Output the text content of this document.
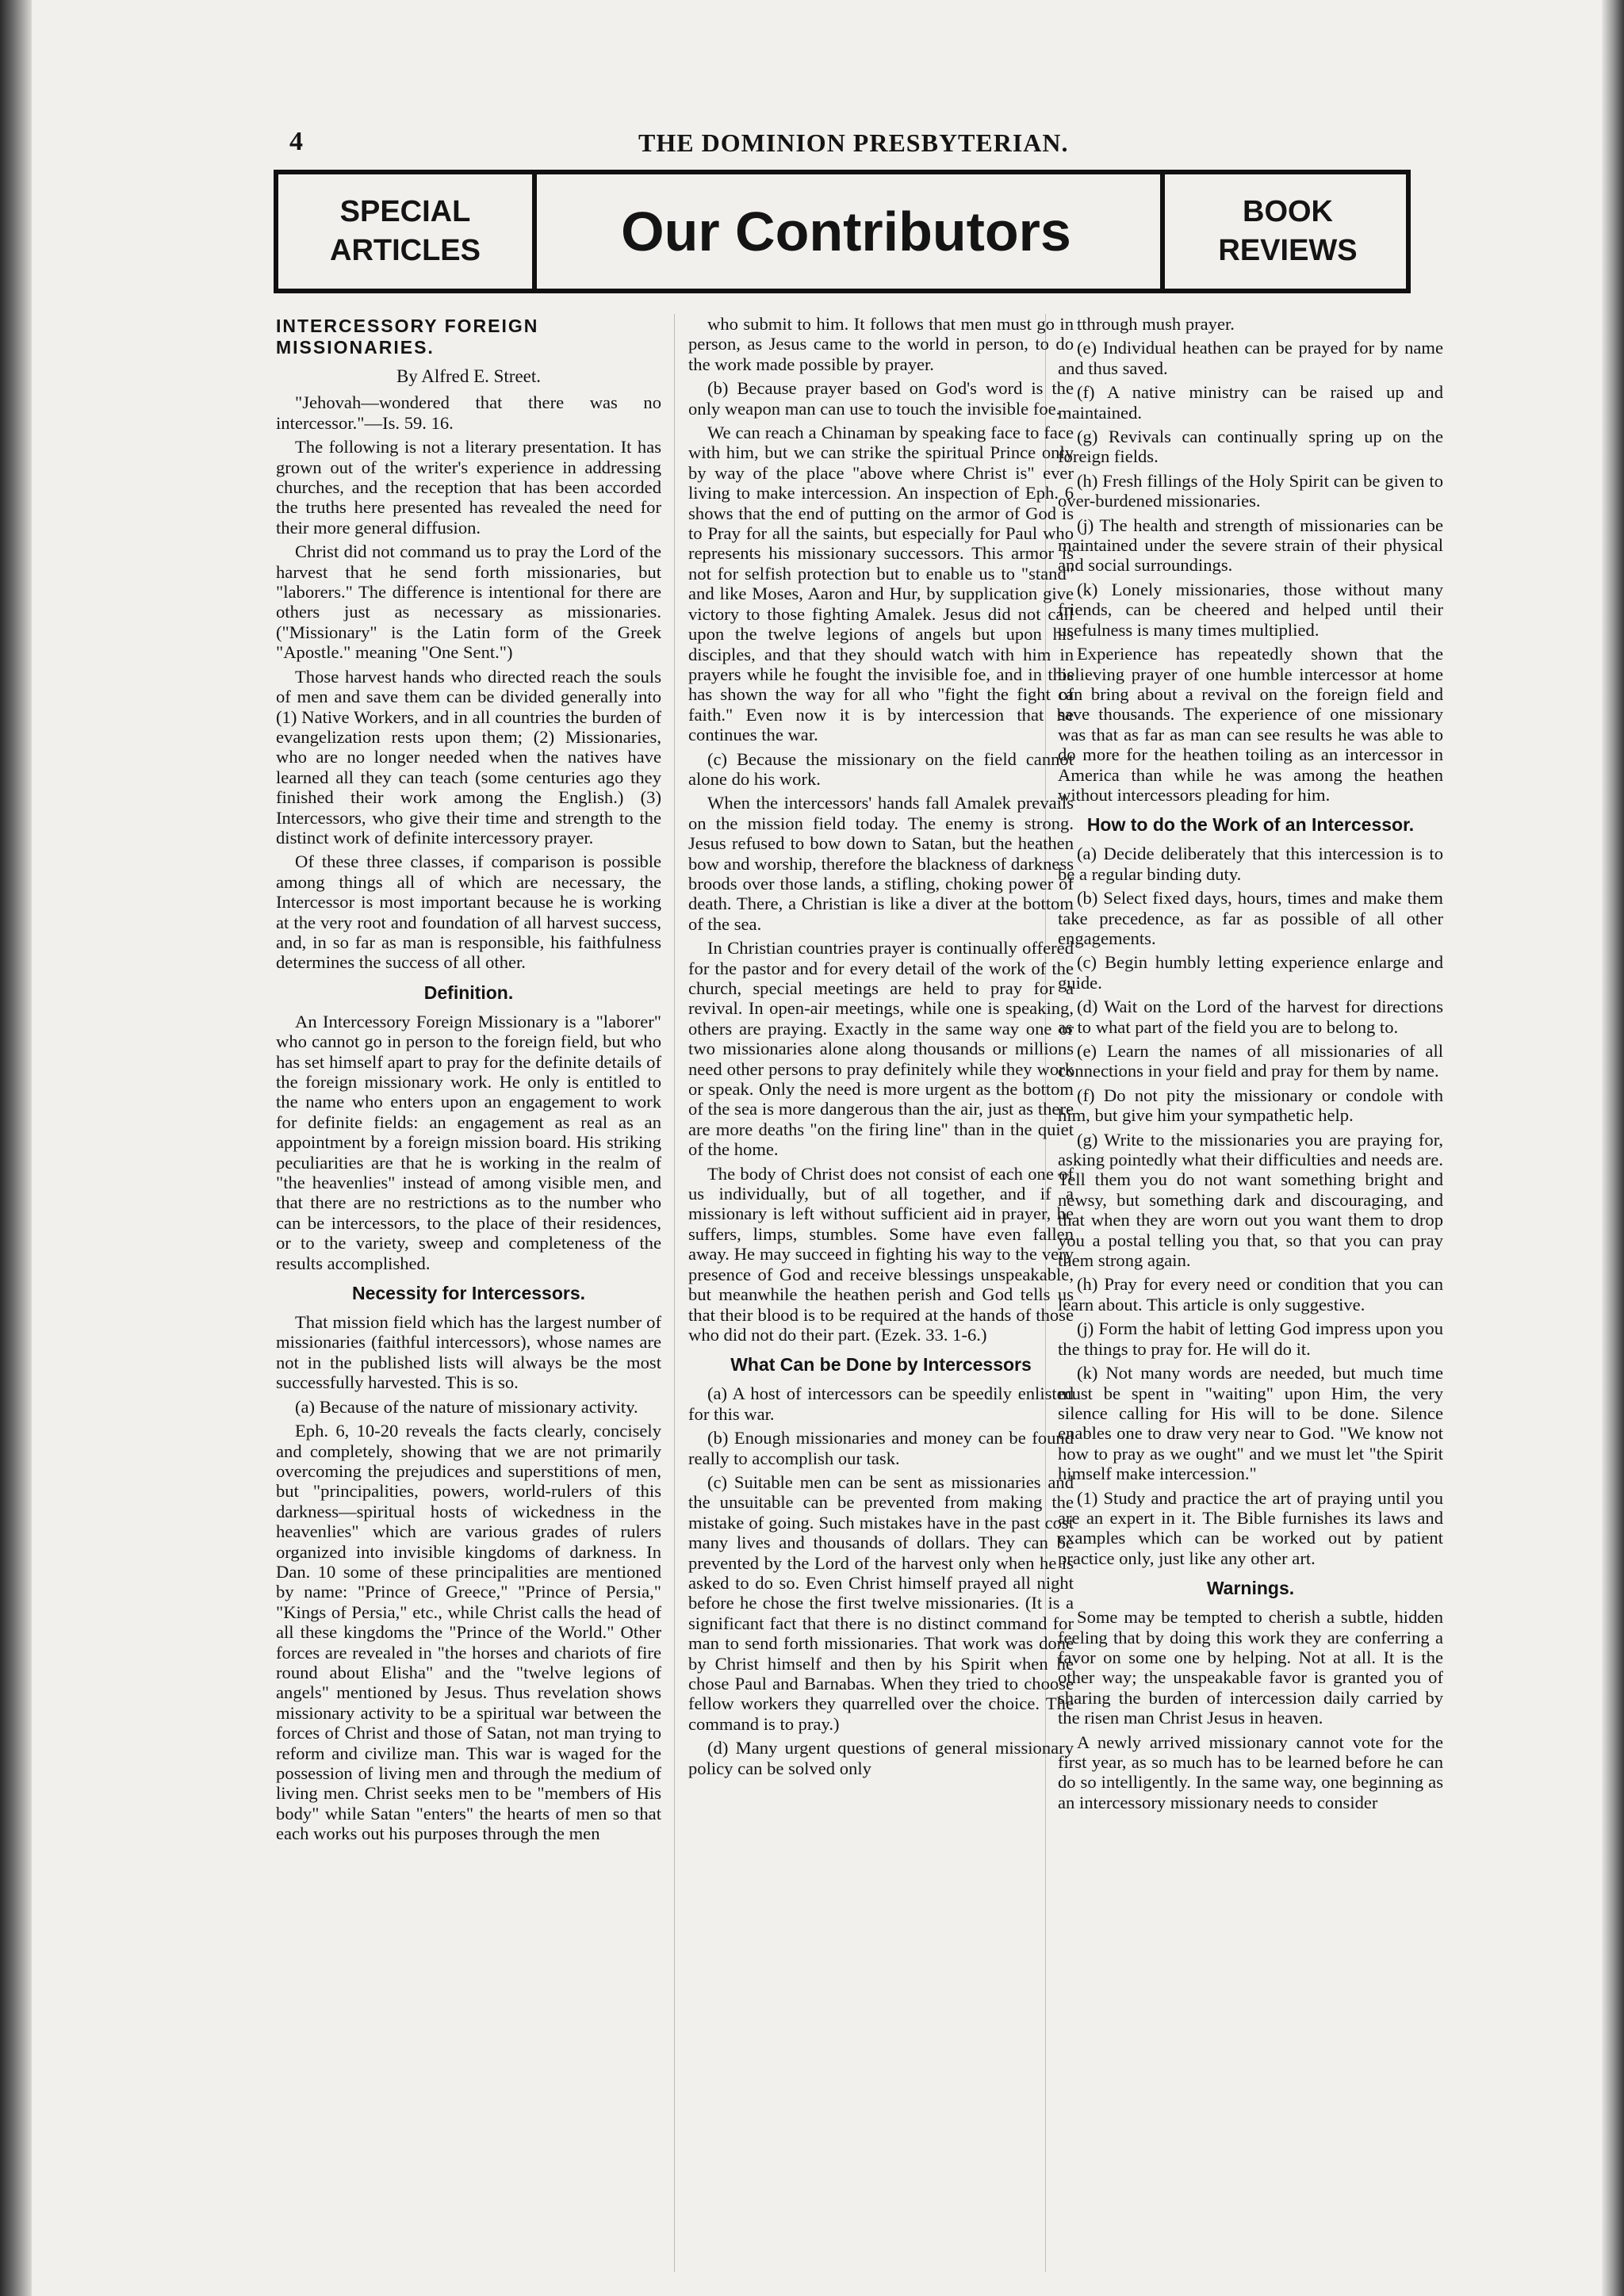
4	THE DOMINION PRESBYTERIAN.
SPECIAL
ARTICLES	Our Contributors	BOOK
REVIEWS
INTERCESSORY FOREIGN MISSIONARIES.
By Alfred E. Street.

"Jehovah—wondered that there was no intercessor."—Is. 59. 16.

The following is not a literary presentation. It has grown out of the writer's experience in addressing churches, and the reception that has been accorded the truths here presented has revealed the need for their more general diffusion.

Christ did not command us to pray the Lord of the harvest that he send forth missionaries, but "laborers." The difference is intentional for there are others just as necessary as missionaries. ("Missionary" is the Latin form of the Greek "Apostle." meaning "One Sent.")

Those harvest hands who directed reach the souls of men and save them can be divided generally into (1) Native Workers, and in all countries the burden of evangelization rests upon them; (2) Missionaries, who are no longer needed when the natives have learned all they can teach (some centuries ago they finished their work among the English.) (3) Intercessors, who give their time and strength to the distinct work of definite intercessory prayer.

Of these three classes, if comparison is possible among things all of which are necessary, the Intercessor is most important because he is working at the very root and foundation of all harvest success, and, in so far as man is responsible, his faithfulness determines the success of all other.

Definition.

An Intercessory Foreign Missionary is a "laborer" who cannot go in person to the foreign field, but who has set himself apart to pray for the definite details of the foreign missionary work. He only is entitled to the name who enters upon an engagement to work for definite fields: an engagement as real as an appointment by a foreign mission board. His striking peculiarities are that he is working in the realm of "the heavenlies" instead of among visible men, and that there are no restrictions as to the number who can be intercessors, to the place of their residences, or to the variety, sweep and completeness of the results accomplished.

Necessity for Intercessors.

That mission field which has the largest number of missionaries (faithful intercessors), whose names are not in the published lists will always be the most successfully harvested. This is so.

(a) Because of the nature of missionary activity.

Eph. 6, 10-20 reveals the facts clearly, concisely and completely, showing that we are not primarily overcoming the prejudices and superstitions of men, but "principalities, powers, world-rulers of this darkness—spiritual hosts of wickedness in the heavenlies" which are various grades of rulers organized into invisible kingdoms of darkness. In Dan. 10 some of these principalities are mentioned by name: "Prince of Greece," "Prince of Persia," "Kings of Persia," etc., while Christ calls the head of all these kingdoms the "Prince of the World." Other forces are revealed in "the horses and chariots of fire round about Elisha" and the "twelve legions of angels" mentioned by Jesus. Thus revelation shows missionary activity to be a spiritual war between the forces of Christ and those of Satan, not man trying to reform and civilize man. This war is waged for the possession of living men and through the medium of living men. Christ seeks men to be "members of His body" while Satan "enters" the hearts of men so that each works out his purposes through the men

who submit to him. It follows that men must go in person, as Jesus came to the world in person, to do the work made possible by prayer.

(b) Because prayer based on God's word is the only weapon man can use to touch the invisible foe.

We can reach a Chinaman by speaking face to face with him, but we can strike the spiritual Prince only by way of the place "above where Christ is" ever living to make intercession. An inspection of Eph. 6 shows that the end of putting on the armor of God is to Pray for all the saints, but especially for Paul who represents his missionary successors. This armor is not for selfish protection but to enable us to "stand" and like Moses, Aaron and Hur, by supplication give victory to those fighting Amalek. Jesus did not call upon the twelve legions of angels but upon his disciples, and that they should watch with him in prayers while he fought the invisible foe, and in this has shown the way for all who "fight the fight of faith." Even now it is by intercession that he continues the war.

(c) Because the missionary on the field cannot alone do his work.

When the intercessors' hands fall Amalek prevails on the mission field today. The enemy is strong. Jesus refused to bow down to Satan, but the heathen bow and worship, therefore the blackness of darkness broods over those lands, a stifling, choking power of death. There, a Christian is like a diver at the bottom of the sea.

In Christian countries prayer is continually offered for the pastor and for every detail of the work of the church, special meetings are held to pray for a revival. In open-air meetings, while one is speaking, others are praying. Exactly in the same way one or two missionaries alone along thousands or millions need other persons to pray definitely while they work or speak. Only the need is more urgent as the bottom of the sea is more dangerous than the air, just as there are more deaths "on the firing line" than in the quiet of the home.

The body of Christ does not consist of each one of us individually, but of all together, and if a missionary is left without sufficient aid in prayer, he suffers, limps, stumbles. Some have even fallen away. He may succeed in fighting his way to the very presence of God and receive blessings unspeakable, but meanwhile the heathen perish and God tells us that their blood is to be required at the hands of those who did not do their part. (Ezek. 33. 1-6.)

What Can be Done by Intercessors

(a) A host of intercessors can be speedily enlisted for this war.

(b) Enough missionaries and money can be found really to accomplish our task.

(c) Suitable men can be sent as missionaries and the unsuitable can be prevented from making the mistake of going. Such mistakes have in the past cost many lives and thousands of dollars. They can be prevented by the Lord of the harvest only when he is asked to do so. Even Christ himself prayed all night before he chose the first twelve missionaries. (It is a significant fact that there is no distinct command for man to send forth missionaries. That work was done by Christ himself and then by his Spirit when he chose Paul and Barnabas. When they tried to choose fellow workers they quarrelled over the choice. The command is to pray.)

(d) Many urgent questions of general missionary policy can be solved only

tthrough mush prayer.

(e) Individual heathen can be prayed for by name and thus saved.

(f) A native ministry can be raised up and maintained.

(g) Revivals can continually spring up on the foreign fields.

(h) Fresh fillings of the Holy Spirit can be given to over-burdened missionaries.

(j) The health and strength of missionaries can be maintained under the severe strain of their physical and social surroundings.

(k) Lonely missionaries, those without many friends, can be cheered and helped until their usefulness is many times multiplied.

Experience has repeatedly shown that the believing prayer of one humble intercessor at home can bring about a revival on the foreign field and save thousands. The experience of one missionary was that as far as man can see results he was able to do more for the heathen toiling as an intercessor in America than while he was among the heathen without intercessors pleading for him.

How to do the Work of an Intercessor.

(a) Decide deliberately that this intercession is to be a regular binding duty.

(b) Select fixed days, hours, times and make them take precedence, as far as possible of all other engagements.

(c) Begin humbly letting experience enlarge and guide.

(d) Wait on the Lord of the harvest for directions as to what part of the field you are to belong to.

(e) Learn the names of all missionaries of all connections in your field and pray for them by name.

(f) Do not pity the missionary or condole with him, but give him your sympathetic help.

(g) Write to the missionaries you are praying for, asking pointedly what their difficulties and needs are. Tell them you do not want something bright and newsy, but something dark and discouraging, and that when they are worn out you want them to drop you a postal telling you that, so that you can pray them strong again.

(h) Pray for every need or condition that you can learn about. This article is only suggestive.

(j) Form the habit of letting God impress upon you the things to pray for. He will do it.

(k) Not many words are needed, but much time must be spent in "waiting" upon Him, the very silence calling for His will to be done. Silence enables one to draw very near to God. "We know not how to pray as we ought" and we must let "the Spirit himself make intercession."

(1) Study and practice the art of praying until you are an expert in it. The Bible furnishes its laws and examples which can be worked out by patient practice only, just like any other art.

Warnings.

Some may be tempted to cherish a subtle, hidden feeling that by doing this work they are conferring a favor on some one by helping. Not at all. It is the other way; the unspeakable favor is granted you of sharing the burden of intercession daily carried by the risen man Christ Jesus in heaven.

A newly arrived missionary cannot vote for the first year, as so much has to be learned before he can do so intelligently. In the same way, one beginning as an intercessory missionary needs to consider
